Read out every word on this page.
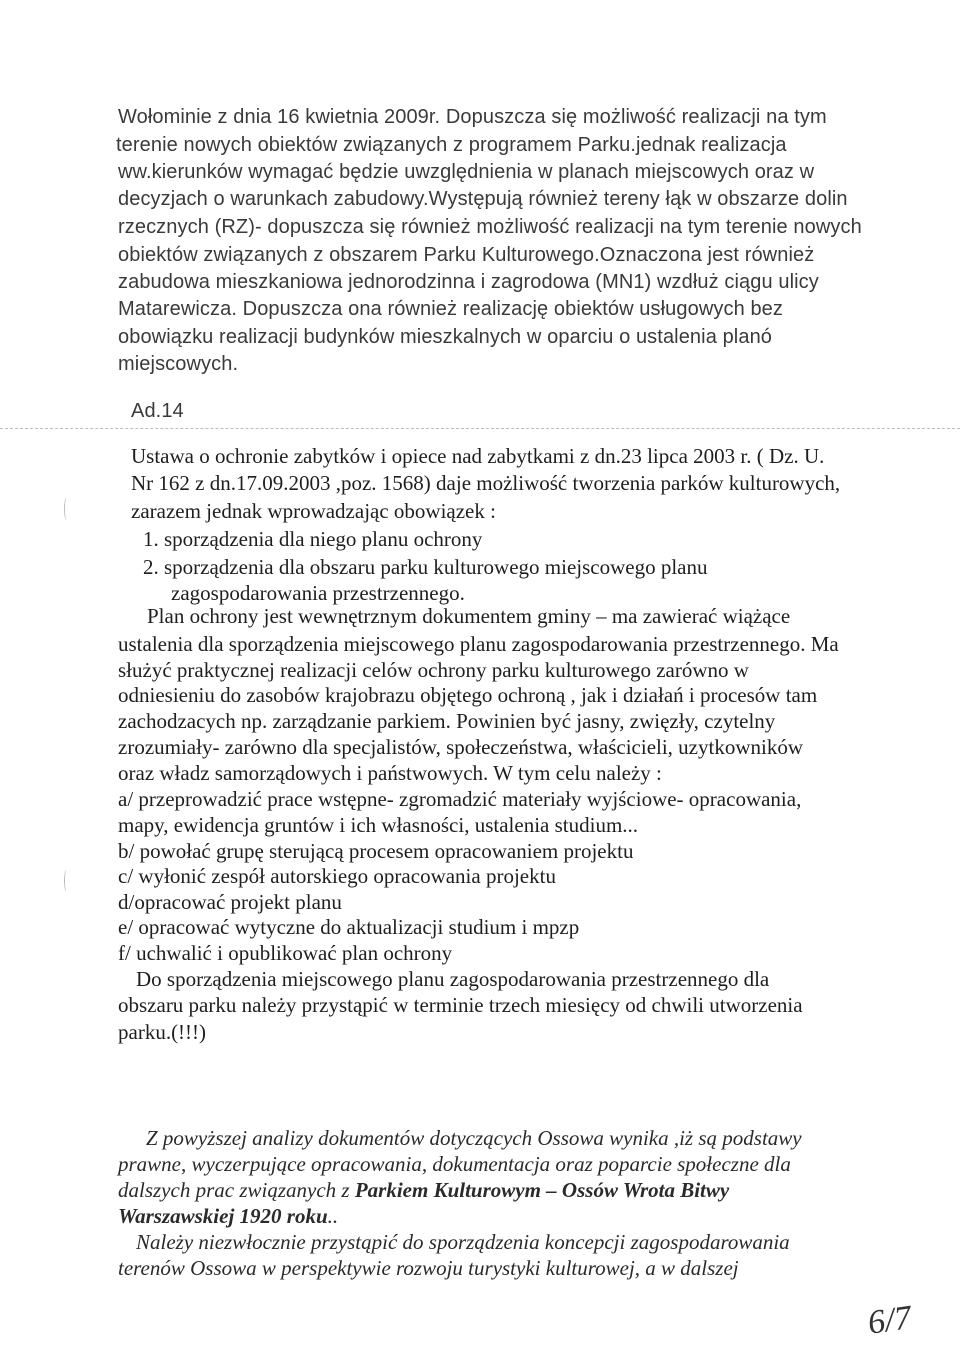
Wołominie z dnia 16 kwietnia 2009r. Dopuszcza się możliwość realizacji na tym
terenie nowych obiektów związanych z programem Parku.jednak realizacja
ww.kierunków wymagać będzie uwzględnienia w planach miejscowych oraz w
decyzjach o warunkach zabudowy.Występują również tereny łąk w obszarze dolin
rzecznych (RZ)- dopuszcza się również możliwość realizacji na tym terenie nowych
obiektów związanych z obszarem Parku Kulturowego.Oznaczona jest również
zabudowa mieszkaniowa jednorodzinna i zagrodowa (MN1) wzdłuż ciągu ulicy
Matarewicza. Dopuszcza ona również realizację obiektów usługowych bez
obowiązku realizacji budynków mieszkalnych w oparciu o ustalenia planó
miejscowych.
Ad.14
Ustawa o ochronie zabytków i opiece nad zabytkami z dn.23 lipca 2003 r. ( Dz. U.
Nr 162 z dn.17.09.2003 ,poz. 1568) daje możliwość tworzenia parków kulturowych,
zarazem jednak wprowadzając obowiązek :
1. sporządzenia dla niego planu ochrony
2. sporządzenia dla obszaru parku kulturowego miejscowego planu
zagospodarowania przestrzennego.
Plan ochrony jest wewnętrznym dokumentem gminy – ma zawierać wiążące
ustalenia dla sporządzenia miejscowego planu zagospodarowania przestrzennego. Ma
służyć praktycznej realizacji celów ochrony parku kulturowego zarówno w
odniesieniu do zasobów krajobrazu objętego ochroną , jak i działań i procesów tam
zachodzacych np. zarządzanie parkiem. Powinien być jasny, zwięzły, czytelny
zrozumiały- zarówno dla specjalistów, społeczeństwa, właścicieli, uzytkowników
oraz władz samorządowych i państwowych. W tym celu należy :
a/ przeprowadzić prace wstępne- zgromadzić materiały wyjściowe- opracowania,
mapy, ewidencja gruntów i ich własności, ustalenia studium...
b/ powołać grupę sterującą procesem opracowaniem projektu
c/ wyłonić zespół autorskiego opracowania projektu
d/opracować projekt planu
e/ opracować wytyczne do aktualizacji studium i mpzp
f/ uchwalić i opublikować plan ochrony
Do sporządzenia miejscowego planu zagospodarowania przestrzennego dla
obszaru parku należy przystąpić w terminie trzech miesięcy od chwili utworzenia
parku.(!!!)
Z powyższej analizy dokumentów dotyczących Ossowa wynika ,iż są podstawy
prawne, wyczerpujące opracowania, dokumentacja oraz poparcie społeczne dla
dalszych prac związanych z Parkiem Kulturowym – Ossów Wrota Bitwy
Warszawskiej 1920 roku..
Należy niezwłocznie przystąpić do sporządzenia koncepcji zagospodarowania
terenów Ossowa w perspektywie rozwoju turystyki kulturowej, a w dalszej
6/7
